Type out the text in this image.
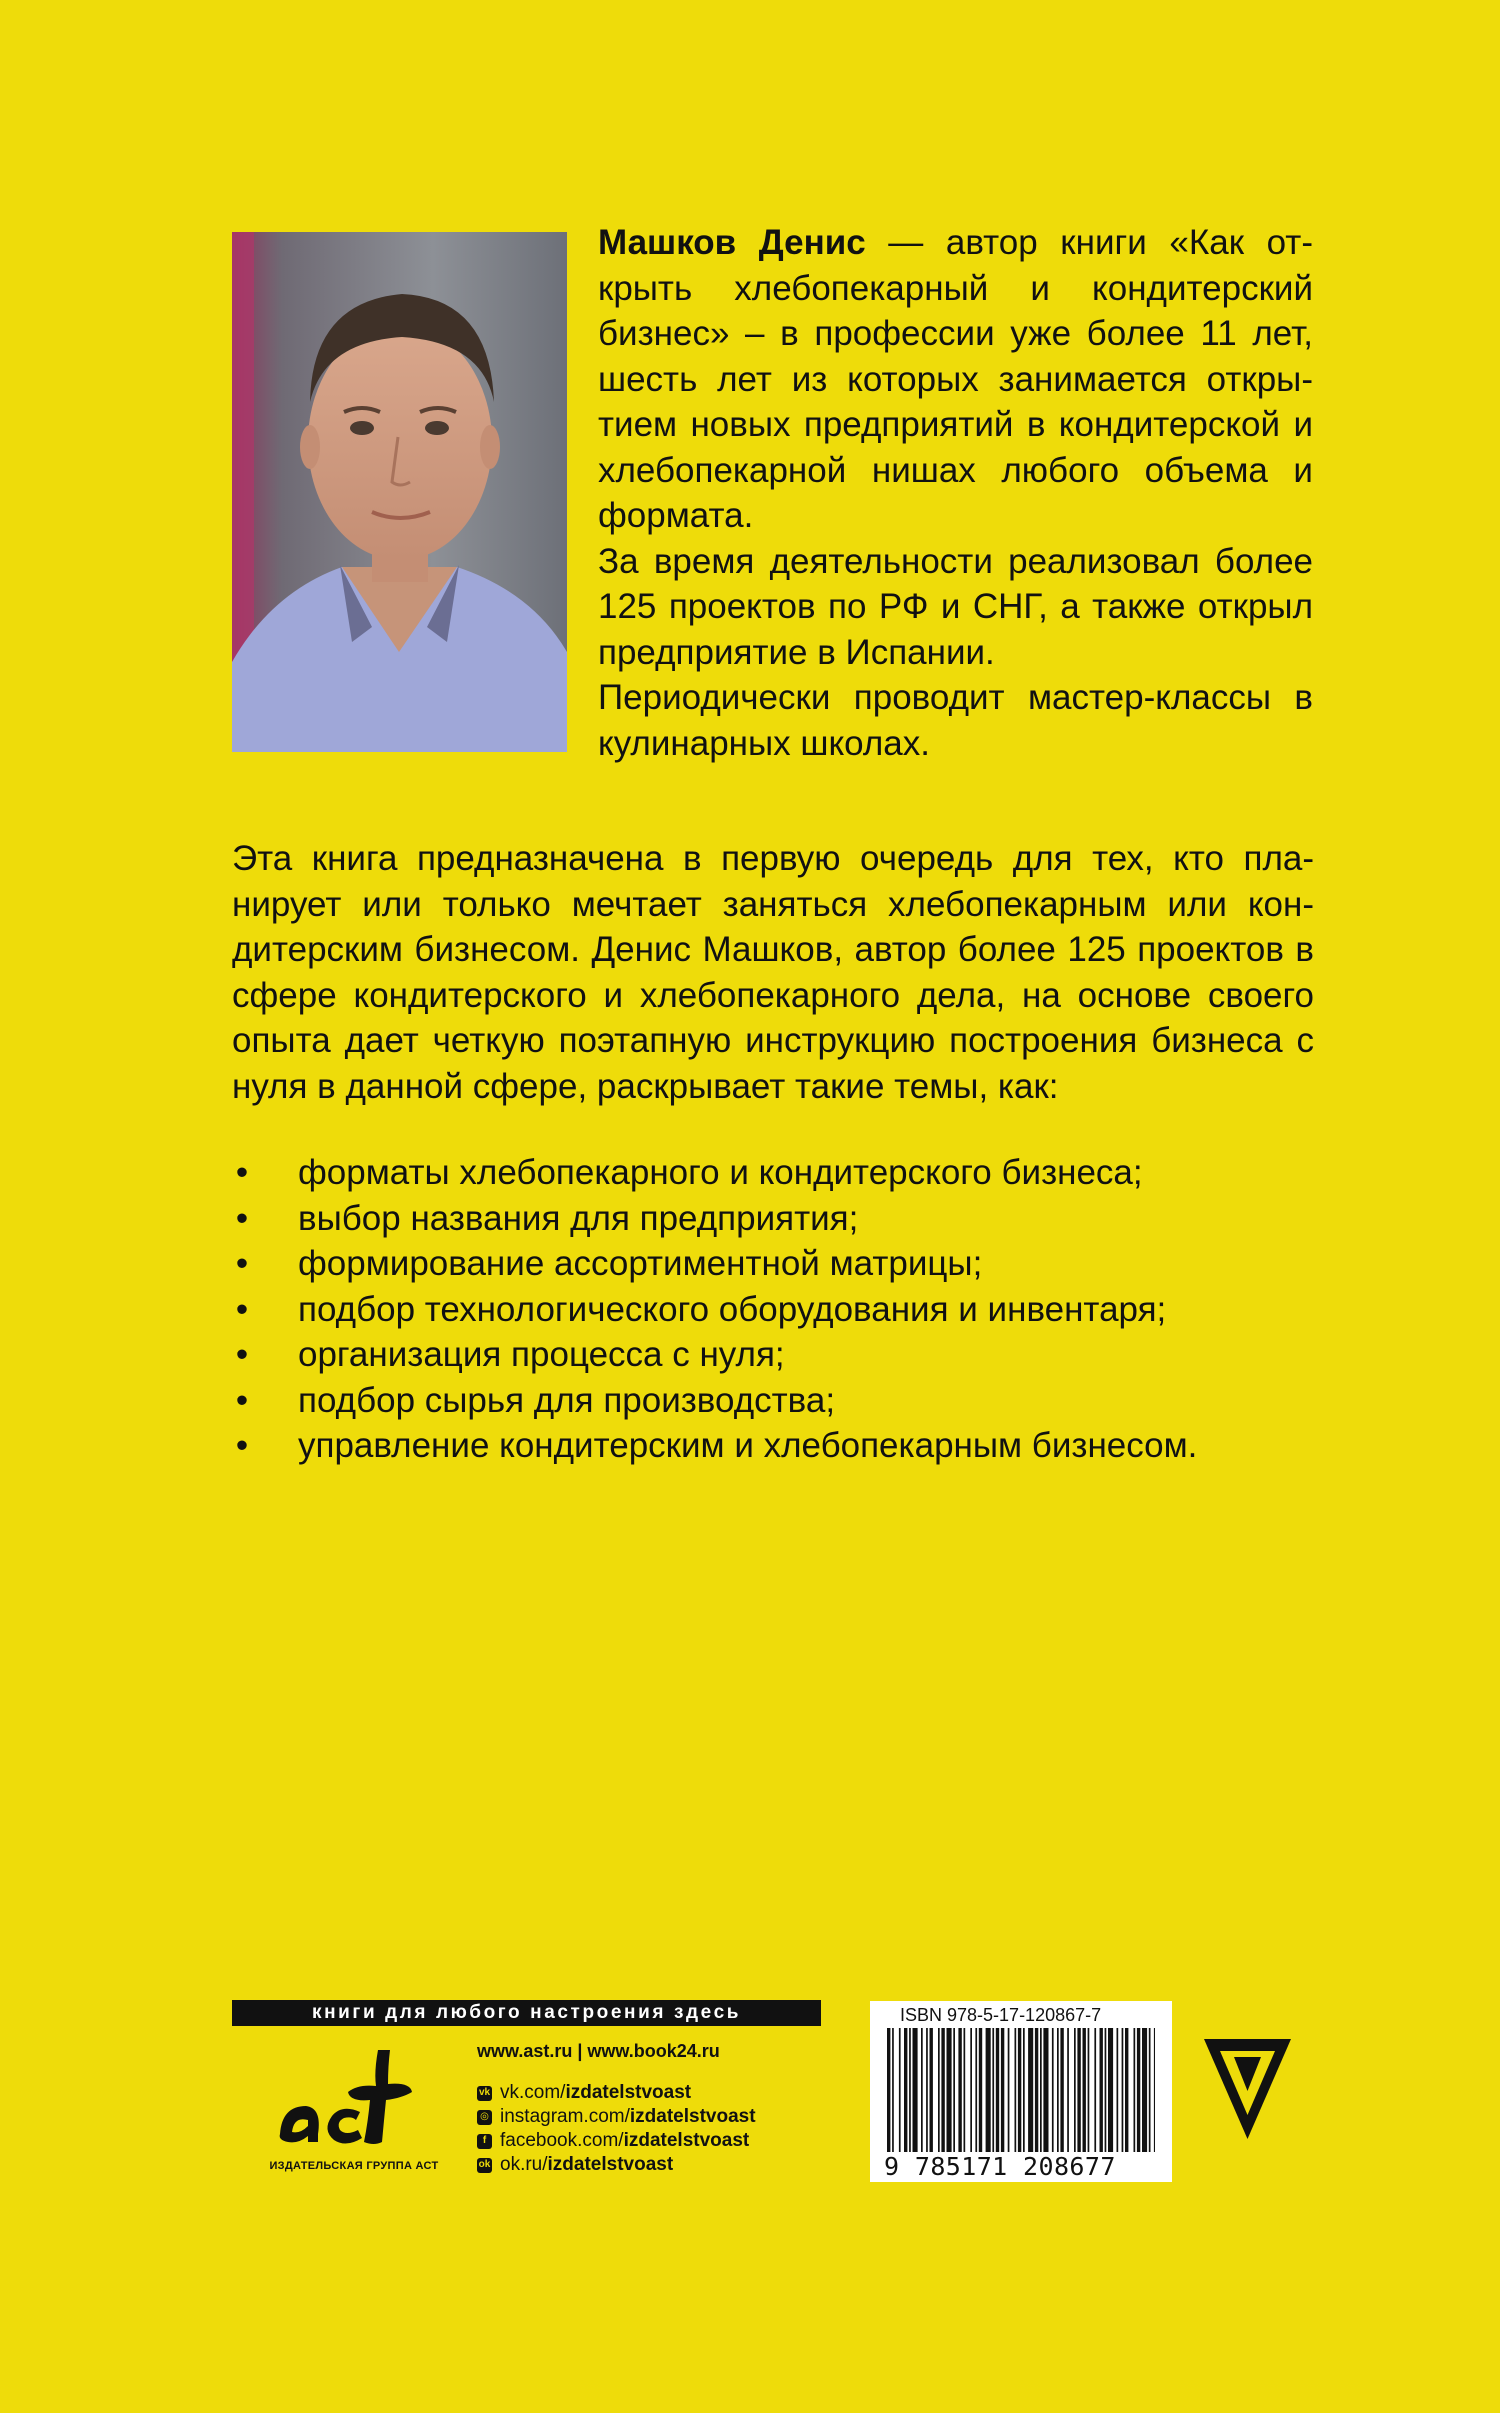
Машков Денис — автор книги «Как открыть хлебопекарный и кондитерский бизнес» – в профессии уже более 11 лет, шесть лет из которых занимается открытием новых предприятий в кондитерской и хлебопекарной нишах любого объема и формата.

За время деятельности реализовал более 125 проектов по РФ и СНГ, а также открыл предприятие в Испании.

Периодически проводит мастер-классы в кулинарных школах.

Эта книга предназначена в первую очередь для тех, кто планирует или только мечтает заняться хлебопекарным или кондитерским бизнесом. Денис Машков, автор более 125 проектов в сфере кондитерского и хлебопекарного дела, на основе своего опыта дает четкую поэтапную инструкцию построения бизнеса с нуля в данной сфере, раскрывает такие темы, как:

• форматы хлебопекарного и кондитерского бизнеса;
• выбор названия для предприятия;
• формирование ассортиментной матрицы;
• подбор технологического оборудования и инвентаря;
• организация процесса с нуля;
• подбор сырья для производства;
• управление кондитерским и хлебопекарным бизнесом.
книги для любого настроения здесь
ИЗДАТЕЛЬСКАЯ ГРУППА АСТ
www.ast.ru | www.book24.ru
vk vk.com/ izdatelstvoast
◎ instagram.com/ izdatelstvoast
f facebook.com/ izdatelstvoast
ok ok.ru/ izdatelstvoast
ISBN 978-5-17-120867-7
9 785171 208677
